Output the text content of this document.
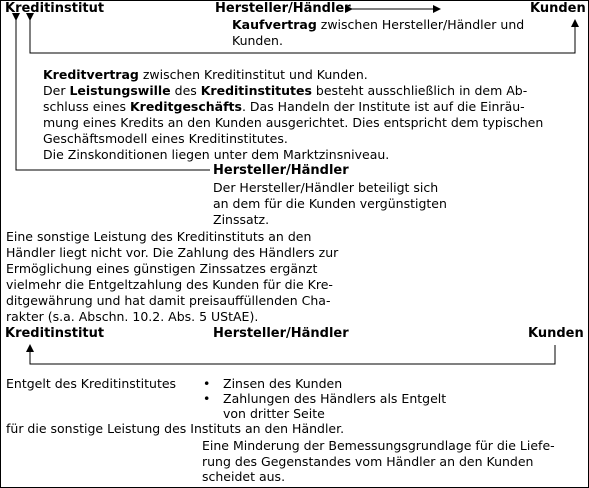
Kreditinstitut	Hersteller/Händler	Kunden
Kaufvertrag zwischen Hersteller/Händler und
Kunden.
Kreditvertrag zwischen Kreditinstitut und Kunden.
Der Leistungswille des Kreditinstitutes besteht ausschließlich in dem Ab-
schluss eines Kreditgeschäfts. Das Handeln der Institute ist auf die Einräu-
mung eines Kredits an den Kunden ausgerichtet. Dies entspricht dem typischen
Geschäftsmodell eines Kreditinstitutes.
Die Zinskonditionen liegen unter dem Marktzinsniveau.
Hersteller/Händler
Der Hersteller/Händler beteiligt sich
an dem für die Kunden vergünstigten
Zinssatz.
Eine sonstige Leistung des Kreditinstituts an den
Händler liegt nicht vor. Die Zahlung des Händlers zur
Ermöglichung eines günstigen Zinssatzes ergänzt
vielmehr die Entgeltzahlung des Kunden für die Kre-
ditgewährung und hat damit preisauffüllenden Cha-
rakter (s.a. Abschn. 10.2. Abs. 5 UStAE).
Kreditinstitut	Hersteller/Händler	Kunden
Entgelt des Kreditinstitutes • Zinsen des Kunden
• Zahlungen des Händlers als Entgelt
von dritter Seite
für die sonstige Leistung des Instituts an den Händler.
Eine Minderung der Bemessungsgrundlage für die Liefe-
rung des Gegenstandes vom Händler an den Kunden
scheidet aus.
